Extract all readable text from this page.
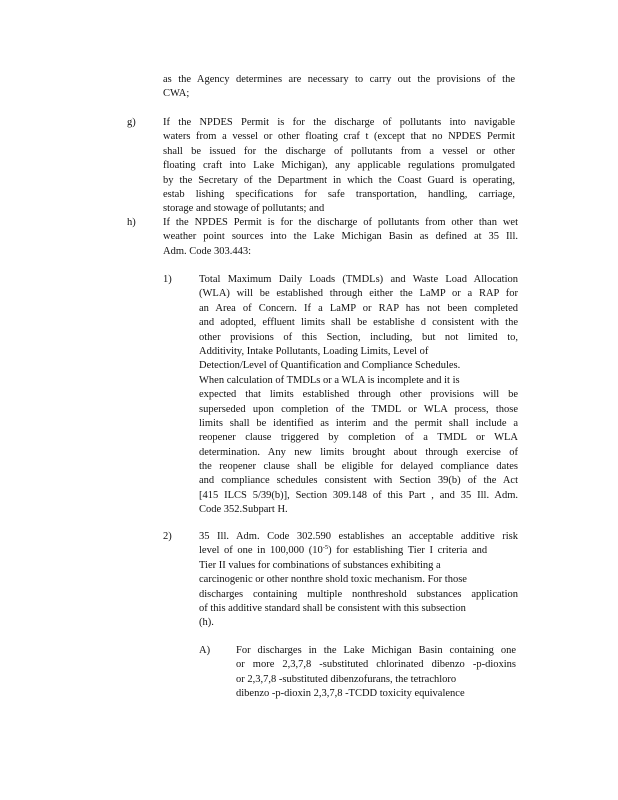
as the Agency determines are necessary to carry out the provisions of the
CWA;
g)	If the NPDES Permit is for the discharge of pollutants into navigable
waters from a vessel or other floating craf t (except that no NPDES Permit
shall be issued for the discharge of pollutants from a vessel or other
floating craft into Lake Michigan), any applicable regulations promulgated
by the Secretary of the Department in which the Coast Guard is operating,
estab lishing specifications for safe transportation, handling, carriage,
storage and stowage of pollutants; and
h)	If the NPDES Permit is for the discharge of pollutants from other than wet
weather point sources into the Lake Michigan Basin as defined at 35 Ill.
Adm. Code 303.443:
1)	Total Maximum Daily Loads (TMDLs) and Waste Load Allocation
(WLA) will be established through either the LaMP or a RAP for
an Area of Concern. If a LaMP or RAP has not been completed
and adopted, effluent limits shall be establishe d consistent with the
other provisions of this Section, including, but not limited to,
Additivity, Intake Pollutants, Loading Limits, Level of
Detection/Level of Quantification and Compliance Schedules.
When calculation of TMDLs or a WLA is incomplete and it is
expected that limits established through other provisions will be
superseded upon completion of the TMDL or WLA process, those
limits shall be identified as interim and the permit shall include a
reopener clause triggered by completion of a TMDL or WLA
determination. Any new limits brought about through exercise of
the reopener clause shall be eligible for delayed compliance dates
and compliance schedules consistent with Section 39(b) of the Act
[415 ILCS 5/39(b)], Section 309.148 of this Part , and 35 Ill. Adm.
Code 352.Subpart H.
2)	35 Ill. Adm. Code 302.590 establishes an acceptable additive risk
level of one in 100,000 $(10^{-5})$ for establishing Tier I criteria and
Tier II values for combinations of substances exhibiting a
carcinogenic or other nonthre shold toxic mechanism. For those
discharges containing multiple nonthreshold substances application
of this additive standard shall be consistent with this subsection
(h).
A) For discharges in the Lake Michigan Basin containing one
or more 2,3,7,8 -substituted chlorinated dibenzo -p-dioxins
or 2,3,7,8 -substituted dibenzofurans, the tetrachloro
dibenzo -p-dioxin 2,3,7,8 -TCDD toxicity equivalence
